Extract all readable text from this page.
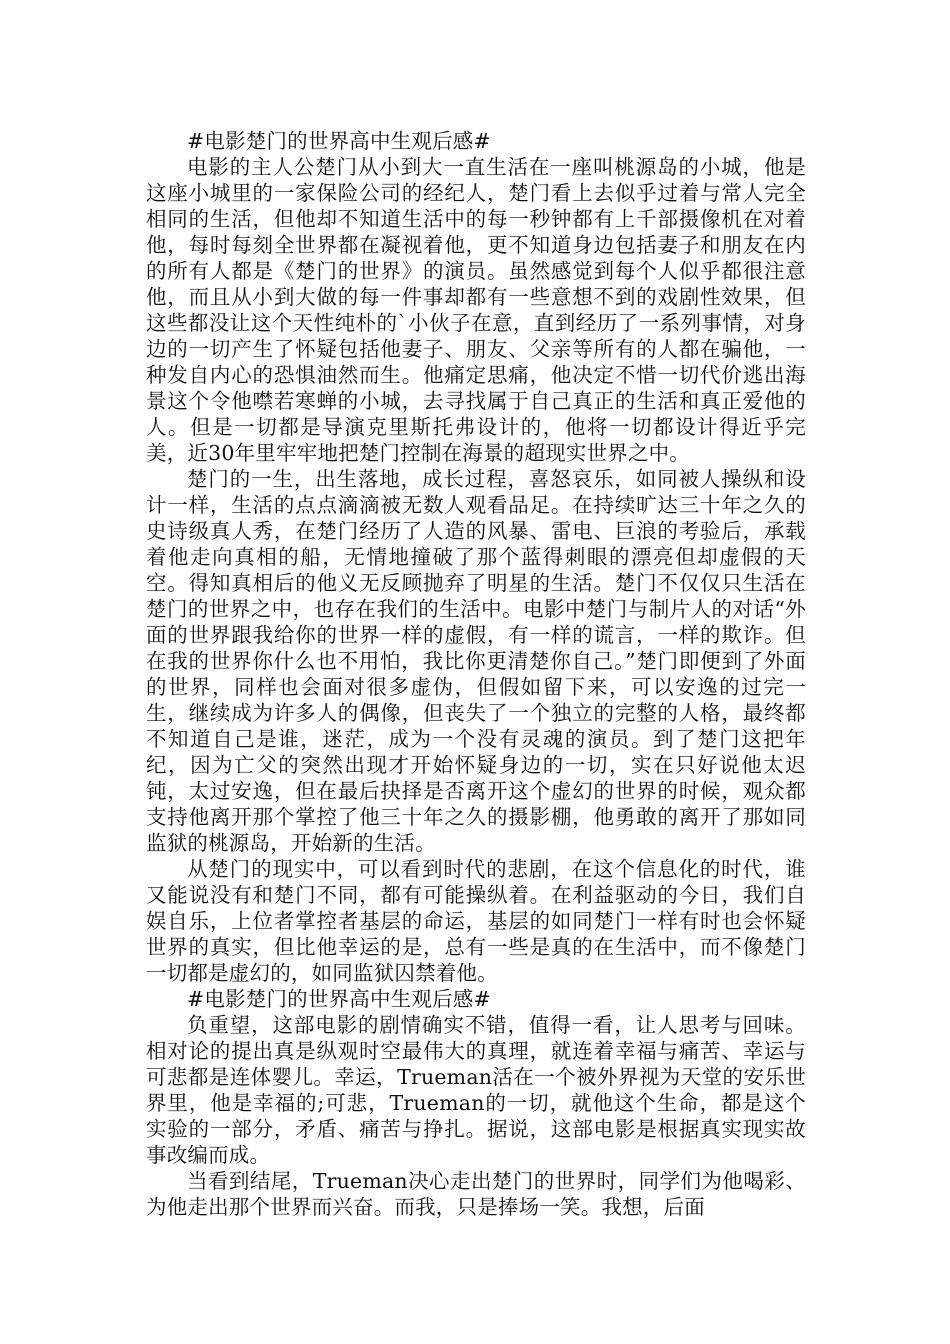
#电影楚门的世界高中生观后感#

电影的主人公楚门从小到大一直生活在一座叫桃源岛的小城，他是这座小城里的一家保险公司的经纪人，楚门看上去似乎过着与常人完全相同的生活，但他却不知道生活中的每一秒钟都有上千部摄像机在对着他，每时每刻全世界都在凝视着他，更不知道身边包括妻子和朋友在内的所有人都是《楚门的世界》的演员。虽然感觉到每个人似乎都很注意他，而且从小到大做的每一件事却都有一些意想不到的戏剧性效果，但这些都没让这个天性纯朴的`小伙子在意，直到经历了一系列事情，对身边的一切产生了怀疑包括他妻子、朋友、父亲等所有的人都在骗他，一种发自内心的恐惧油然而生。他痛定思痛，他决定不惜一切代价逃出海景这个令他噤若寒蝉的小城，去寻找属于自己真正的生活和真正爱他的人。但是一切都是导演克里斯托弗设计的，他将一切都设计得近乎完美，近30年里牢牢地把楚门控制在海景的超现实世界之中。

楚门的一生，出生落地，成长过程，喜怒哀乐，如同被人操纵和设计一样，生活的点点滴滴被无数人观看品足。在持续旷达三十年之久的史诗级真人秀，在楚门经历了人造的风暴、雷电、巨浪的考验后，承载着他走向真相的船，无情地撞破了那个蓝得刺眼的漂亮但却虚假的天空。得知真相后的他义无反顾抛弃了明星的生活。楚门不仅仅只生活在楚门的世界之中，也存在我们的生活中。电影中楚门与制片人的对话“外面的世界跟我给你的世界一样的虚假，有一样的谎言，一样的欺诈。但在我的世界你什么也不用怕，我比你更清楚你自己。”楚门即便到了外面的世界，同样也会面对很多虚伪，但假如留下来，可以安逸的过完一生，继续成为许多人的偶像，但丧失了一个独立的完整的人格，最终都不知道自己是谁，迷茫，成为一个没有灵魂的演员。到了楚门这把年纪，因为亡父的突然出现才开始怀疑身边的一切，实在只好说他太迟钝，太过安逸，但在最后抉择是否离开这个虚幻的世界的时候，观众都支持他离开那个掌控了他三十年之久的摄影棚，他勇敢的离开了那如同监狱的桃源岛，开始新的生活。

从楚门的现实中，可以看到时代的悲剧，在这个信息化的时代，谁又能说没有和楚门不同，都有可能操纵着。在利益驱动的今日，我们自娱自乐，上位者掌控者基层的命运，基层的如同楚门一样有时也会怀疑世界的真实，但比他幸运的是，总有一些是真的在生活中，而不像楚门一切都是虚幻的，如同监狱囚禁着他。

#电影楚门的世界高中生观后感#

负重望，这部电影的剧情确实不错，值得一看，让人思考与回味。相对论的提出真是纵观时空最伟大的真理，就连着幸福与痛苦、幸运与可悲都是连体婴儿。幸运，Trueman活在一个被外界视为天堂的安乐世界里，他是幸福的;可悲，Trueman的一切，就他这个生命，都是这个实验的一部分，矛盾、痛苦与挣扎。据说，这部电影是根据真实现实故事改编而成。

当看到结尾，Trueman决心走出楚门的世界时，同学们为他喝彩、为他走出那个世界而兴奋。而我，只是捧场一笑。我想，后面
